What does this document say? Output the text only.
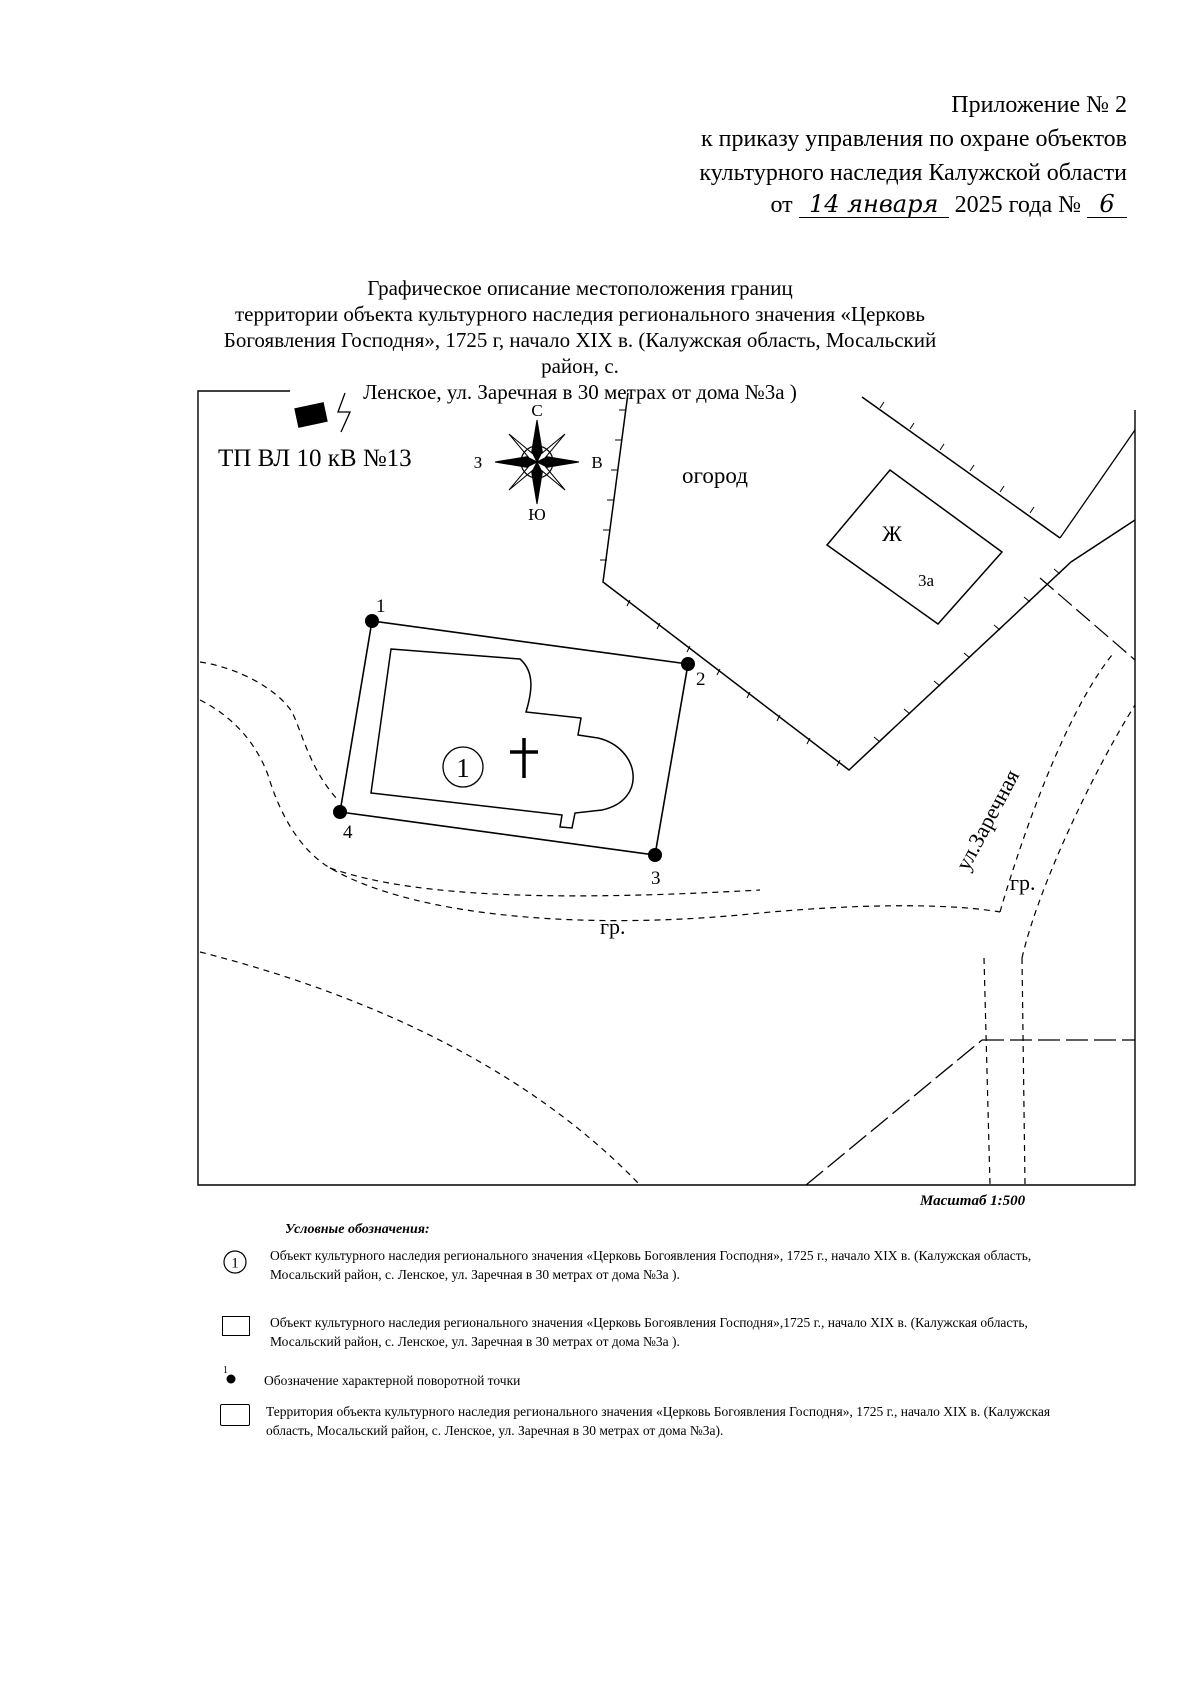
Приложение № 2
к приказу управления по охране объектов
культурного наследия Калужской области
от 14 января 2025 года № 6
Графическое описание местоположения границ
территории объекта культурного наследия регионального значения «Церковь
Богоявления Господня», 1725 г, начало XIX в. (Калужская область, Мосальский район, с.
Ленское, ул. Заречная в 30 метрах от дома №3а )
ТП ВЛ 10 кВ №13
С
Ю
З	В
огород
Ж
3а
гр.
гр.
ул.Заречная
1
1
2
3
4
Масштаб 1:500
Условные обозначения:
1 Объект культурного наследия регионального значения «Церковь Богоявления Господня», 1725 г., начало XIX в. (Калужская область, Мосальский район, с. Ленское, ул. Заречная в 30 метрах от дома №3а ).
Объект культурного наследия регионального значения «Церковь Богоявления Господня»,1725 г., начало XIX в. (Калужская область, Мосальский район, с. Ленское, ул. Заречная в 30 метрах от дома №3а ).
1
Обозначение характерной поворотной точки
Территория объекта культурного наследия регионального значения «Церковь Богоявления Господня», 1725 г., начало XIX в. (Калужская область, Мосальский район, с. Ленское, ул. Заречная в 30 метрах от дома №3а).
